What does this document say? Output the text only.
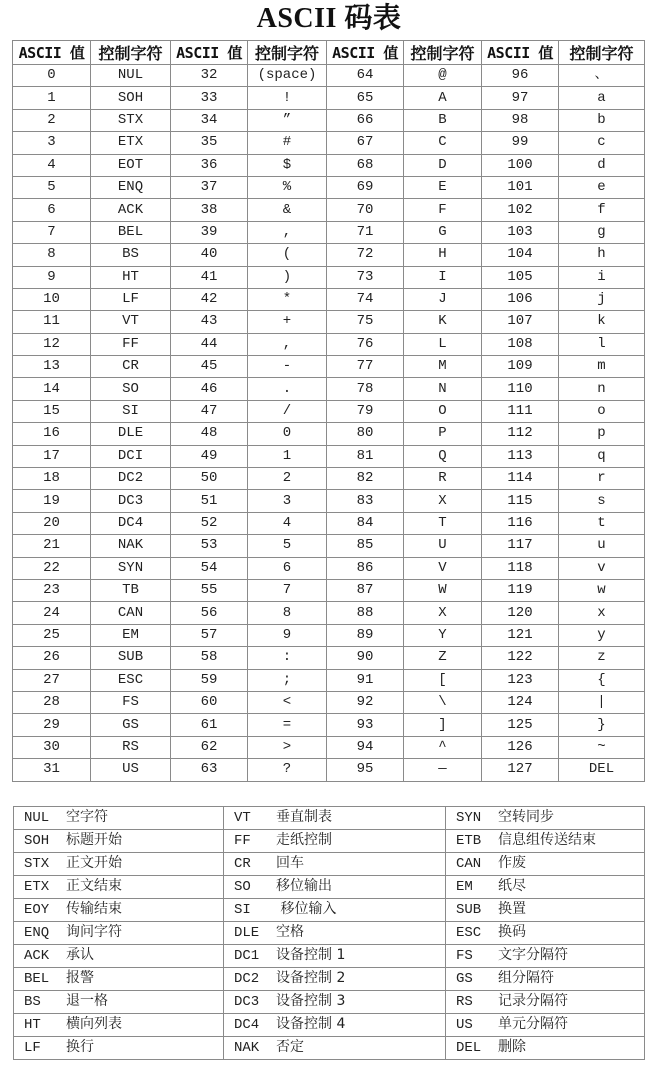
ASCII 码表
ASCII 值	控制字符	ASCII 值	控制字符	ASCII 值	控制字符	ASCII 值	控制字符
0	NUL	32	(space)	64	@	96	、
1	SOH	33	!	65	A	97	a
2	STX	34	”	66	B	98	b
3	ETX	35	#	67	C	99	c
4	EOT	36	$	68	D	100	d
5	ENQ	37	%	69	E	101	e
6	ACK	38	&	70	F	102	f
7	BEL	39	,	71	G	103	g
8	BS	40	(	72	H	104	h
9	HT	41	)	73	I	105	i
10	LF	42	*	74	J	106	j
11	VT	43	+	75	K	107	k
12	FF	44	,	76	L	108	l
13	CR	45	-	77	M	109	m
14	SO	46	.	78	N	110	n
15	SI	47	/	79	O	111	o
16	DLE	48	0	80	P	112	p
17	DCI	49	1	81	Q	113	q
18	DC2	50	2	82	R	114	r
19	DC3	51	3	83	X	115	s
20	DC4	52	4	84	T	116	t
21	NAK	53	5	85	U	117	u
22	SYN	54	6	86	V	118	v
23	TB	55	7	87	W	119	w
24	CAN	56	8	88	X	120	x
25	EM	57	9	89	Y	121	y
26	SUB	58	:	90	Z	122	z
27	ESC	59	;	91	[	123	{
28	FS	60	<	92	\	124	|
29	GS	61	=	93	]	125	}
30	RS	62	>	94	^	126	~
31	US	63	?	95	—	127	DEL
NUL 空字符	VT 垂直制表	SYN 空转同步
SOH 标题开始	FF 走纸控制	ETB 信息组传送结束
STX 正文开始	CR 回车	CAN 作废
ETX 正文结束	SO 移位输出	EM 纸尽
EOY 传输结束	SI 移位输入	SUB 换置
ENQ 询问字符	DLE 空格	ESC 换码
ACK 承认	DC1 设备控制 1	FS 文字分隔符
BEL 报警	DC2 设备控制 2	GS 组分隔符
BS 退一格	DC3 设备控制 3	RS 记录分隔符
HT 横向列表	DC4 设备控制 4	US 单元分隔符
LF 换行	NAK 否定	DEL 删除
